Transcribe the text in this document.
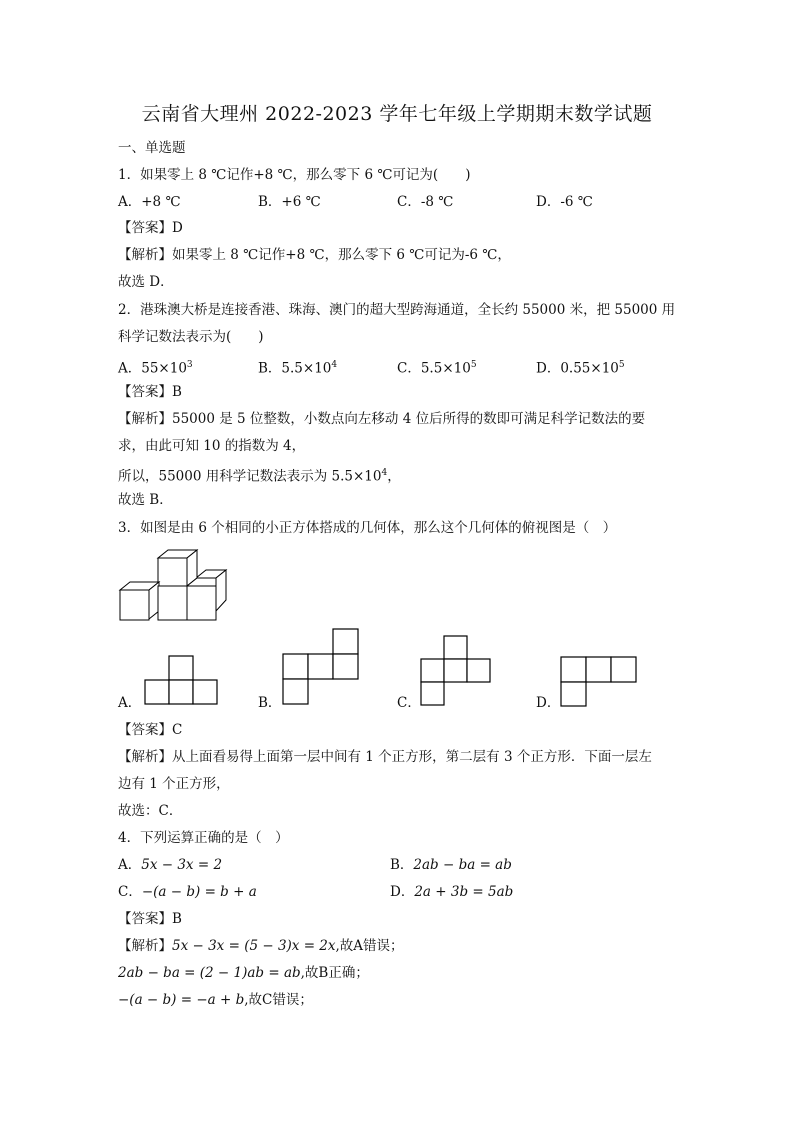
云南省大理州 2022-2023 学年七年级上学期期末数学试题
一、单选题
1．如果零上 8 ℃记作+8 ℃，那么零下 6 ℃可记为(　　)
A．+8 ℃	B．+6 ℃	C．-8 ℃	D．-6 ℃
【答案】D
【解析】如果零上 8 ℃记作+8 ℃，那么零下 6 ℃可记为-6 ℃，
故选 D．
2．港珠澳大桥是连接香港、珠海、澳门的超大型跨海通道，全长约 55000 米，把 55000 用
科学记数法表示为(　　)
A．$55\times 10^3$	B．$5.5\times 10^4$	C．$5.5\times 10^5$	D．$0.55\times 10^5$
【答案】B
【解析】55000 是 5 位整数，小数点向左移动 4 位后所得的数即可满足科学记数法的要
求，由此可知 10 的指数为 4，
所以，55000 用科学记数法表示为 $5.5\times 10^4$，
故选 B．
3．如图是由 6 个相同的小正方体搭成的几何体，那么这个几何体的俯视图是（　）
A．	B．	C．	D．
【答案】C
【解析】从上面看易得上面第一层中间有 1 个正方形，第二层有 3 个正方形．下面一层左
边有 1 个正方形，
故选：C．
4．下列运算正确的是（　）
A．5x − 3x = 2	B．2ab − ba = ab
C．−(a − b) = b + a	D．2a + 3b = 5ab
【答案】B
【解析】5x − 3x = (5 − 3)x = 2x,故A错误；
2ab − ba = (2 − 1)ab = ab,故B正确；
−(a − b) = −a + b,故C错误；
